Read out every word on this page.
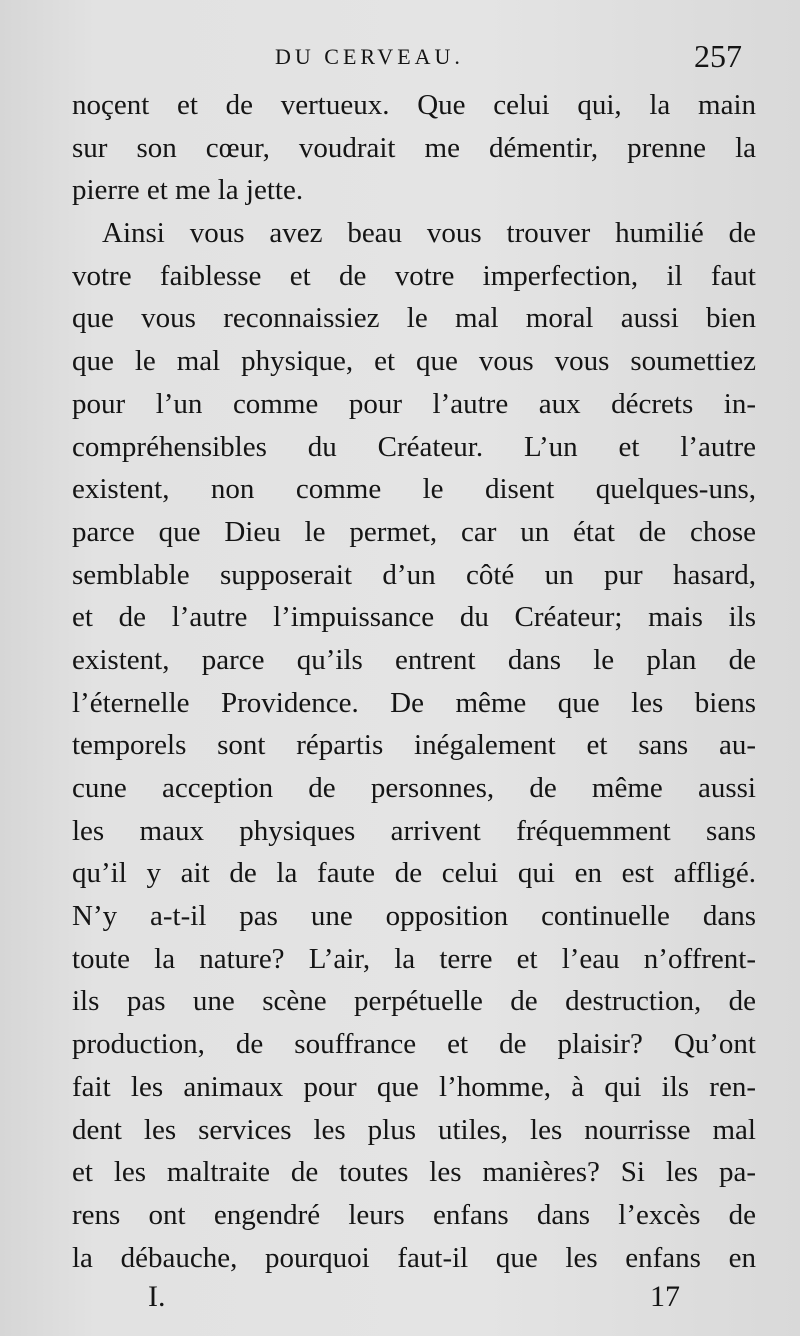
DU CERVEAU.	257
noçent et de vertueux. Que celui qui, la main
sur son cœur, voudrait me démentir, prenne la
pierre et me la jette.
Ainsi vous avez beau vous trouver humilié de
votre faiblesse et de votre imperfection, il faut
que vous reconnaissiez le mal moral aussi bien
que le mal physique, et que vous vous soumettiez
pour l’un comme pour l’autre aux décrets in-
compréhensibles du Créateur. L’un et l’autre
existent, non comme le disent quelques-uns,
parce que Dieu le permet, car un état de chose
semblable supposerait d’un côté un pur hasard,
et de l’autre l’impuissance du Créateur; mais ils
existent, parce qu’ils entrent dans le plan de
l’éternelle Providence. De même que les biens
temporels sont répartis inégalement et sans au-
cune acception de personnes, de même aussi
les maux physiques arrivent fréquemment sans
qu’il y ait de la faute de celui qui en est affligé.
N’y a-t-il pas une opposition continuelle dans
toute la nature? L’air, la terre et l’eau n’offrent-
ils pas une scène perpétuelle de destruction, de
production, de souffrance et de plaisir? Qu’ont
fait les animaux pour que l’homme, à qui ils ren-
dent les services les plus utiles, les nourrisse mal
et les maltraite de toutes les manières? Si les pa-
rens ont engendré leurs enfans dans l’excès de
la débauche, pourquoi faut-il que les enfans en
I.	17
